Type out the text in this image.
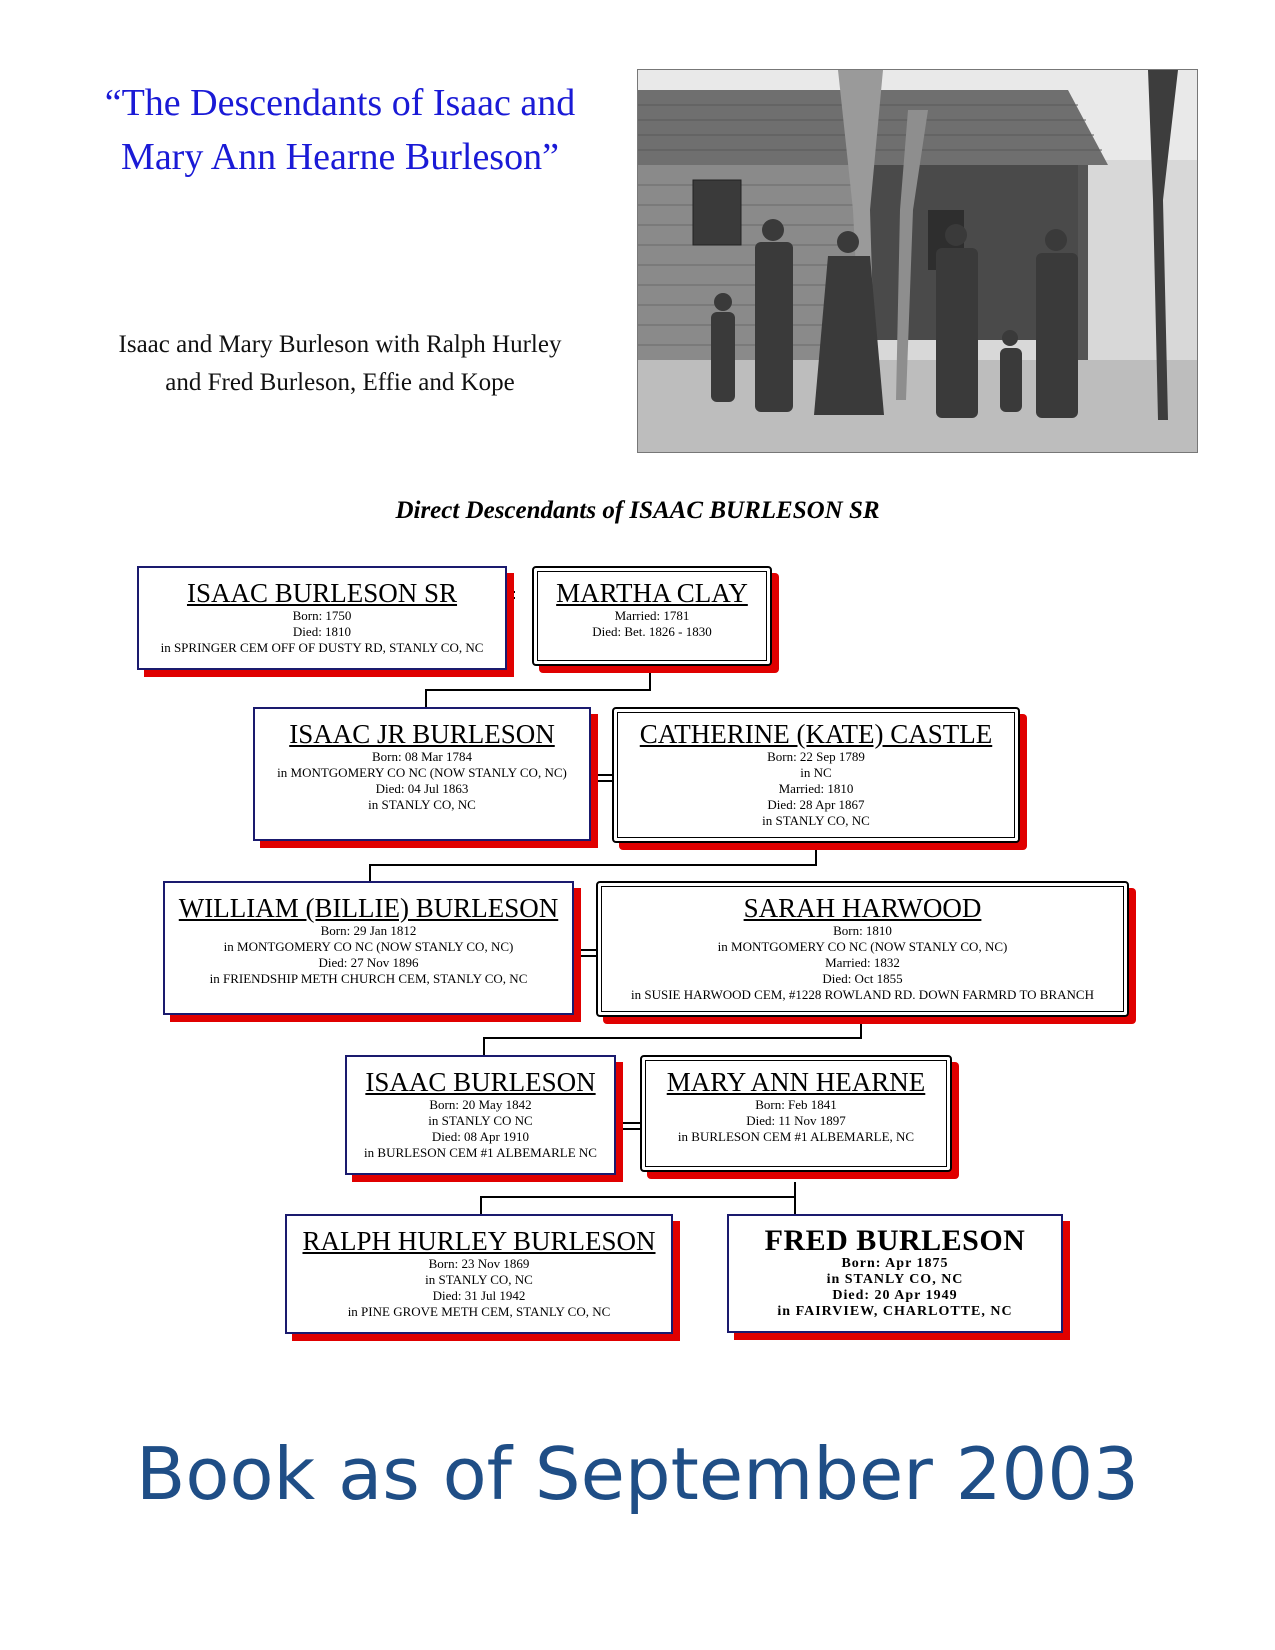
“The Descendants of Isaac and
Mary Ann Hearne Burleson”
Isaac and Mary Burleson with Ralph Hurley
and Fred Burleson, Effie and Kope
Direct Descendants of ISAAC BURLESON SR
ISAAC BURLESON SR
Born: 1750
Died: 1810
in SPRINGER CEM OFF OF DUSTY RD, STANLY CO, NC
MARTHA CLAY
Married: 1781
Died: Bet. 1826 - 1830
ISAAC JR BURLESON
Born: 08 Mar 1784
in MONTGOMERY CO NC (NOW STANLY CO, NC)
Died: 04 Jul 1863
in STANLY CO, NC
CATHERINE (KATE) CASTLE
Born: 22 Sep 1789
in NC
Married: 1810
Died: 28 Apr 1867
in STANLY CO, NC
WILLIAM (BILLIE) BURLESON
Born: 29 Jan 1812
in MONTGOMERY CO NC (NOW STANLY CO, NC)
Died: 27 Nov 1896
in FRIENDSHIP METH CHURCH CEM, STANLY CO, NC
SARAH HARWOOD
Born: 1810
in MONTGOMERY CO NC (NOW STANLY CO, NC)
Married: 1832
Died: Oct 1855
in SUSIE HARWOOD CEM, #1228 ROWLAND RD. DOWN FARMRD TO BRANCH
ISAAC BURLESON
Born: 20 May 1842
in STANLY CO NC
Died: 08 Apr 1910
in BURLESON CEM #1 ALBEMARLE NC
MARY ANN HEARNE
Born: Feb 1841
Died: 11 Nov 1897
in BURLESON CEM #1 ALBEMARLE, NC
RALPH HURLEY BURLESON
Born: 23 Nov 1869
in STANLY CO, NC
Died: 31 Jul 1942
in PINE GROVE METH CEM, STANLY CO, NC
FRED BURLESON
Born: Apr 1875
in STANLY CO, NC
Died: 20 Apr 1949
in FAIRVIEW, CHARLOTTE, NC
Book as of September 2003
